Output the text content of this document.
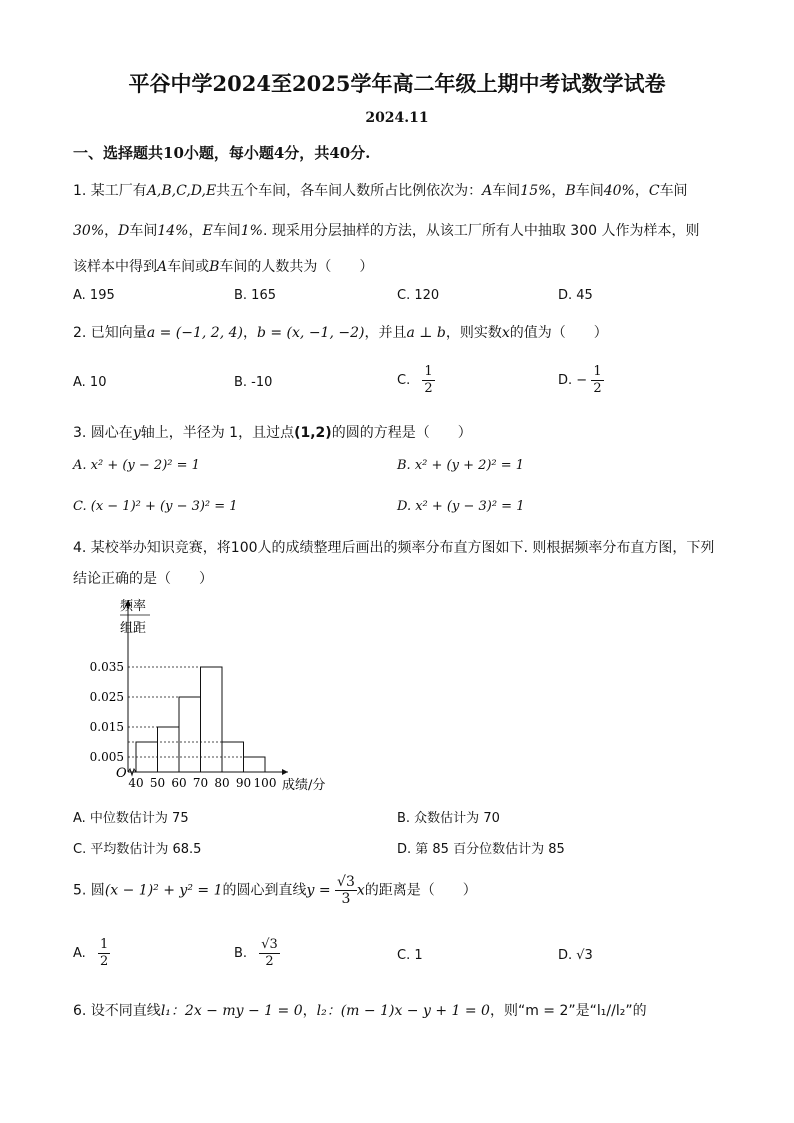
平谷中学2024至2025学年高二年级上期中考试数学试卷
2024.11
一、选择题共10小题，每小题4分，共40分.
1. 某工厂有A,B,C,D,E共五个车间，各车间人数所占比例依次为：A车间15%，B车间40%，C车间
30%，D车间14%，E车间1%. 现采用分层抽样的方法，从该工厂所有人中抽取 300 人作为样本，则
该样本中得到A车间或B车间的人数共为（　　）
A. 195	B. 165	C. 120	D. 45
2. 已知向量a = (−1, 2, 4)，b = (x, −1, −2)，并且a ⊥ b，则实数x的值为（　　）
A. 10	B. -10	C. $\frac{1}{2}$	D. − $\frac{1}{2}$
3. 圆心在y轴上，半径为 1，且过点(1,2)的圆的方程是（　　）
A. x² + (y − 2)² = 1	B. x² + (y + 2)² = 1
C. (x − 1)² + (y − 3)² = 1	D. x² + (y − 3)² = 1
4. 某校举办知识竞赛，将100人的成绩整理后画出的频率分布直方图如下. 则根据频率分布直方图，下列
结论正确的是（　　）
0.035
0.025
0.015
0.005
40 50 60 70 80 90 100
O
成绩/分
频率
组距
A. 中位数估计为 75	B. 众数估计为 70
C. 平均数估计为 68.5	D. 第 85 百分位数估计为 85
5. 圆(x − 1)² + y² = 1的圆心到直线$y = \frac{√3}{3}$ x的距离是（　　）
A. $\frac{1}{2}$	B. $\frac{√3}{2}$	C. 1	D. √3
6. 设不同直线l₁：2x − my − 1 = 0，l₂：(m − 1)x − y + 1 = 0，则“m = 2”是“l₁//l₂”的
